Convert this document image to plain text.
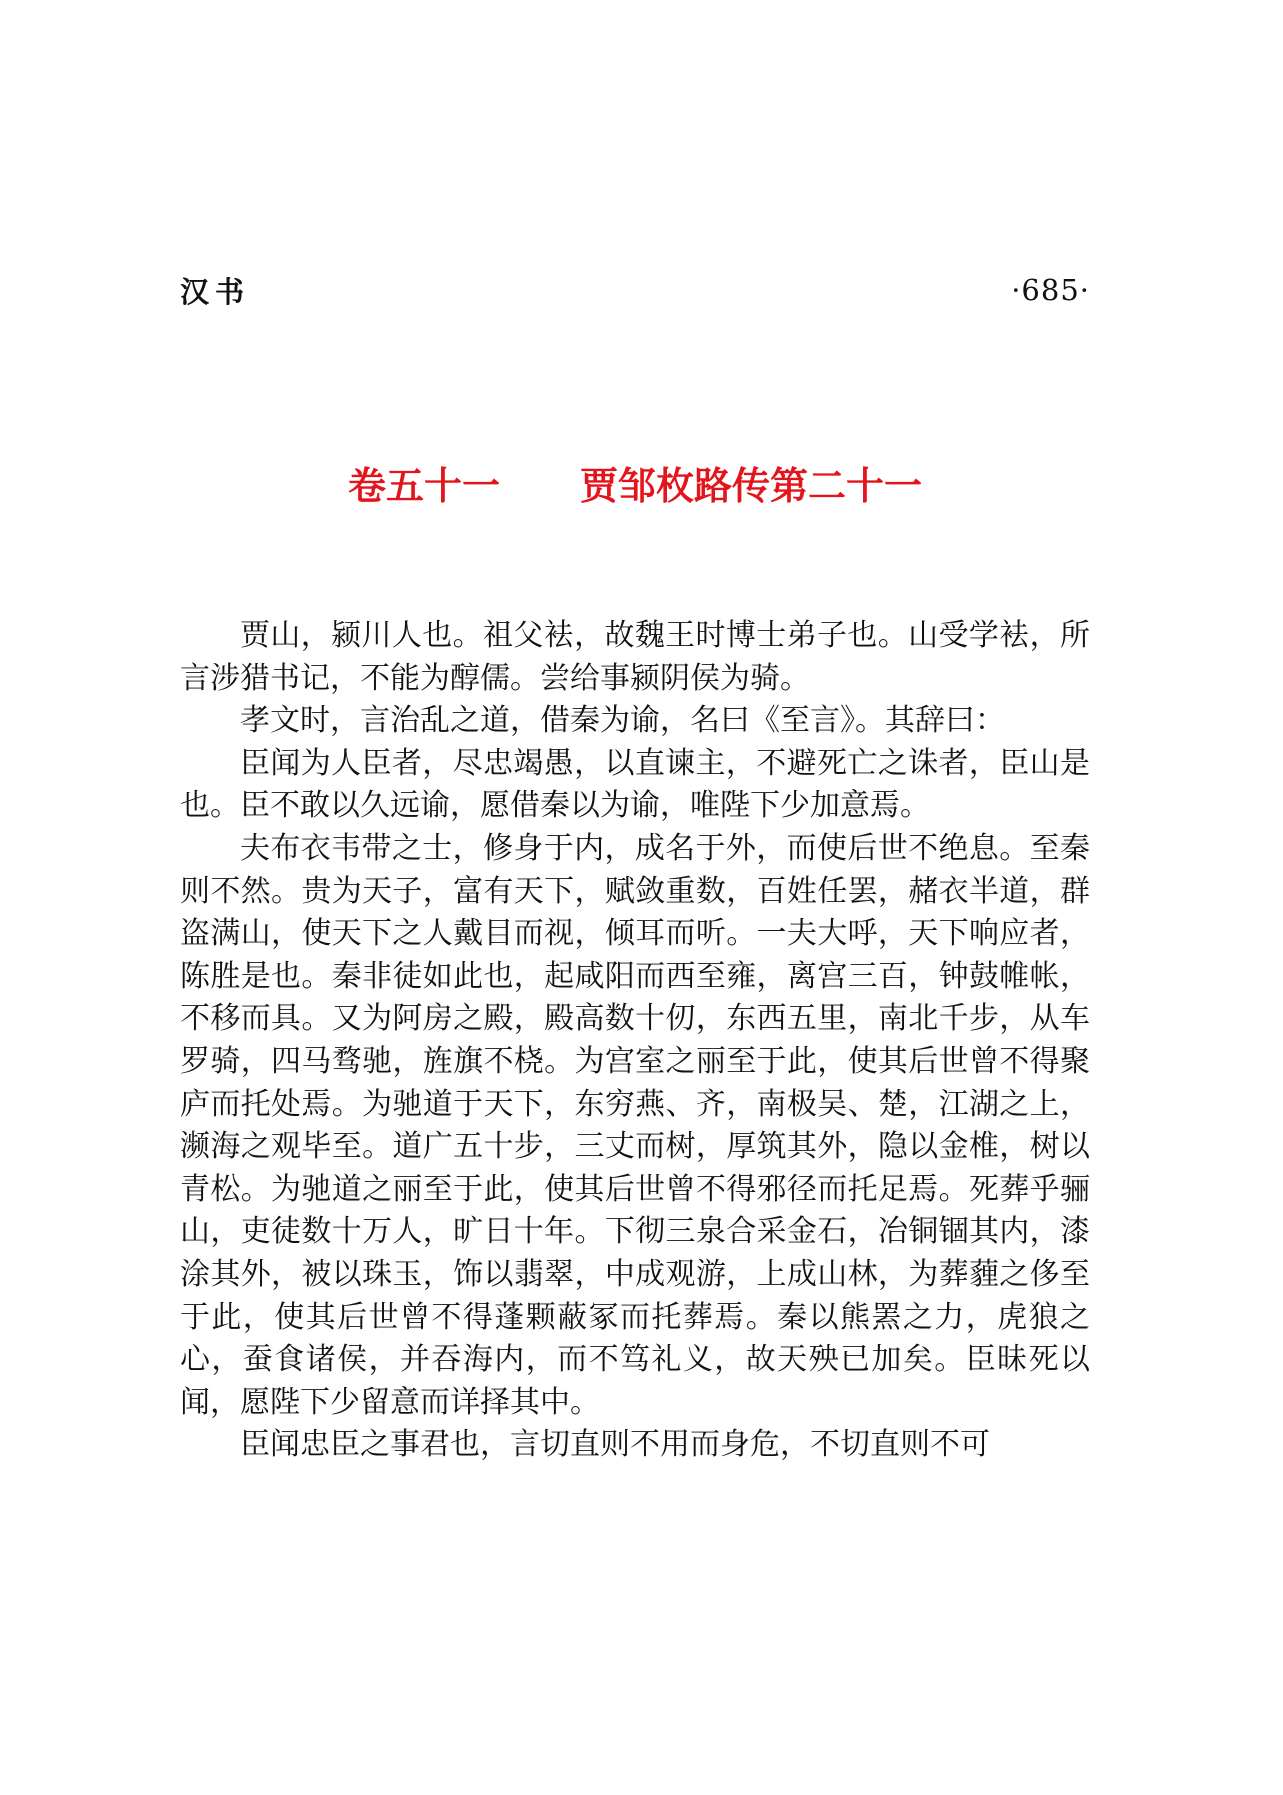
汉书	·685·
卷五十一 贾邹枚路传第二十一

贾山，颍川人也。祖父袪，故魏王时博士弟子也。山受学袪，所言涉猎书记，不能为醇儒。尝给事颍阴侯为骑。

孝文时，言治乱之道，借秦为谕，名曰《至言》。其辞曰：

臣闻为人臣者，尽忠竭愚，以直谏主，不避死亡之诛者，臣山是也。臣不敢以久远谕，愿借秦以为谕，唯陛下少加意焉。

夫布衣韦带之士，修身于内，成名于外，而使后世不绝息。至秦则不然。贵为天子，富有天下，赋敛重数，百姓任罢，赭衣半道，群盗满山，使天下之人戴目而视，倾耳而听。一夫大呼，天下响应者，陈胜是也。秦非徒如此也，起咸阳而西至雍，离宫三百，钟鼓帷帐，不移而具。又为阿房之殿，殿高数十仞，东西五里，南北千步，从车罗骑，四马骛驰，旌旗不桡。为宫室之丽至于此，使其后世曾不得聚庐而托处焉。为驰道于天下，东穷燕、齐，南极吴、楚，江湖之上，濒海之观毕至。道广五十步，三丈而树，厚筑其外，隐以金椎，树以青松。为驰道之丽至于此，使其后世曾不得邪径而托足焉。死葬乎骊山，吏徒数十万人，旷日十年。下彻三泉合采金石，冶铜锢其内，漆涂其外，被以珠玉，饰以翡翠，中成观游，上成山林，为葬薶之侈至于此，使其后世曾不得蓬颗蔽冢而托葬焉。秦以熊罴之力，虎狼之心，蚕食诸侯，并吞海内，而不笃礼义，故天殃已加矣。臣昧死以闻，愿陛下少留意而详择其中。

臣闻忠臣之事君也，言切直则不用而身危，不切直则不可
